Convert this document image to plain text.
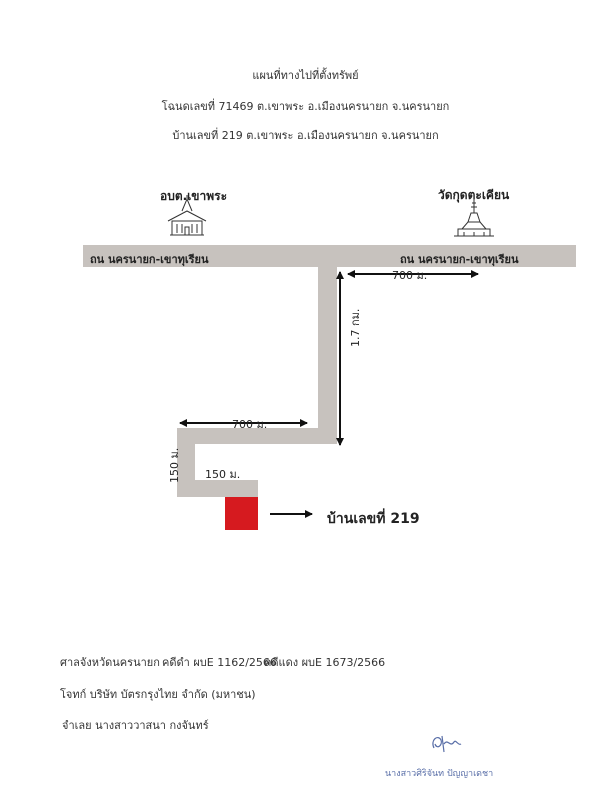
แผนที่ทางไปที่ตั้งทรัพย์
โฉนดเลขที่ 71469 ต.เขาพระ อ.เมืองนครนายก จ.นครนายก
บ้านเลขที่ 219 ต.เขาพระ อ.เมืองนครนายก จ.นครนายก
อบต.เขาพระ	วัดกุดตะเคียน
ถน นครนายก-เขาทุเรียน	ถน นครนายก-เขาทุเรียน
700 ม.
1.7 กม.
700 ม.
150 ม. 150 ม.
บ้านเลขที่ 219
ศาลจังหวัดนครนายก คดีดำ ผบE 1162/2566
คดีแดง ผบE 1673/2566
โจทก์ บริษัท บัตรกรุงไทย จำกัด (มหาชน)
จำเลย นางสาววาสนา กงจันทร์
นางสาวศิริจันท ปัญญาเดชา
